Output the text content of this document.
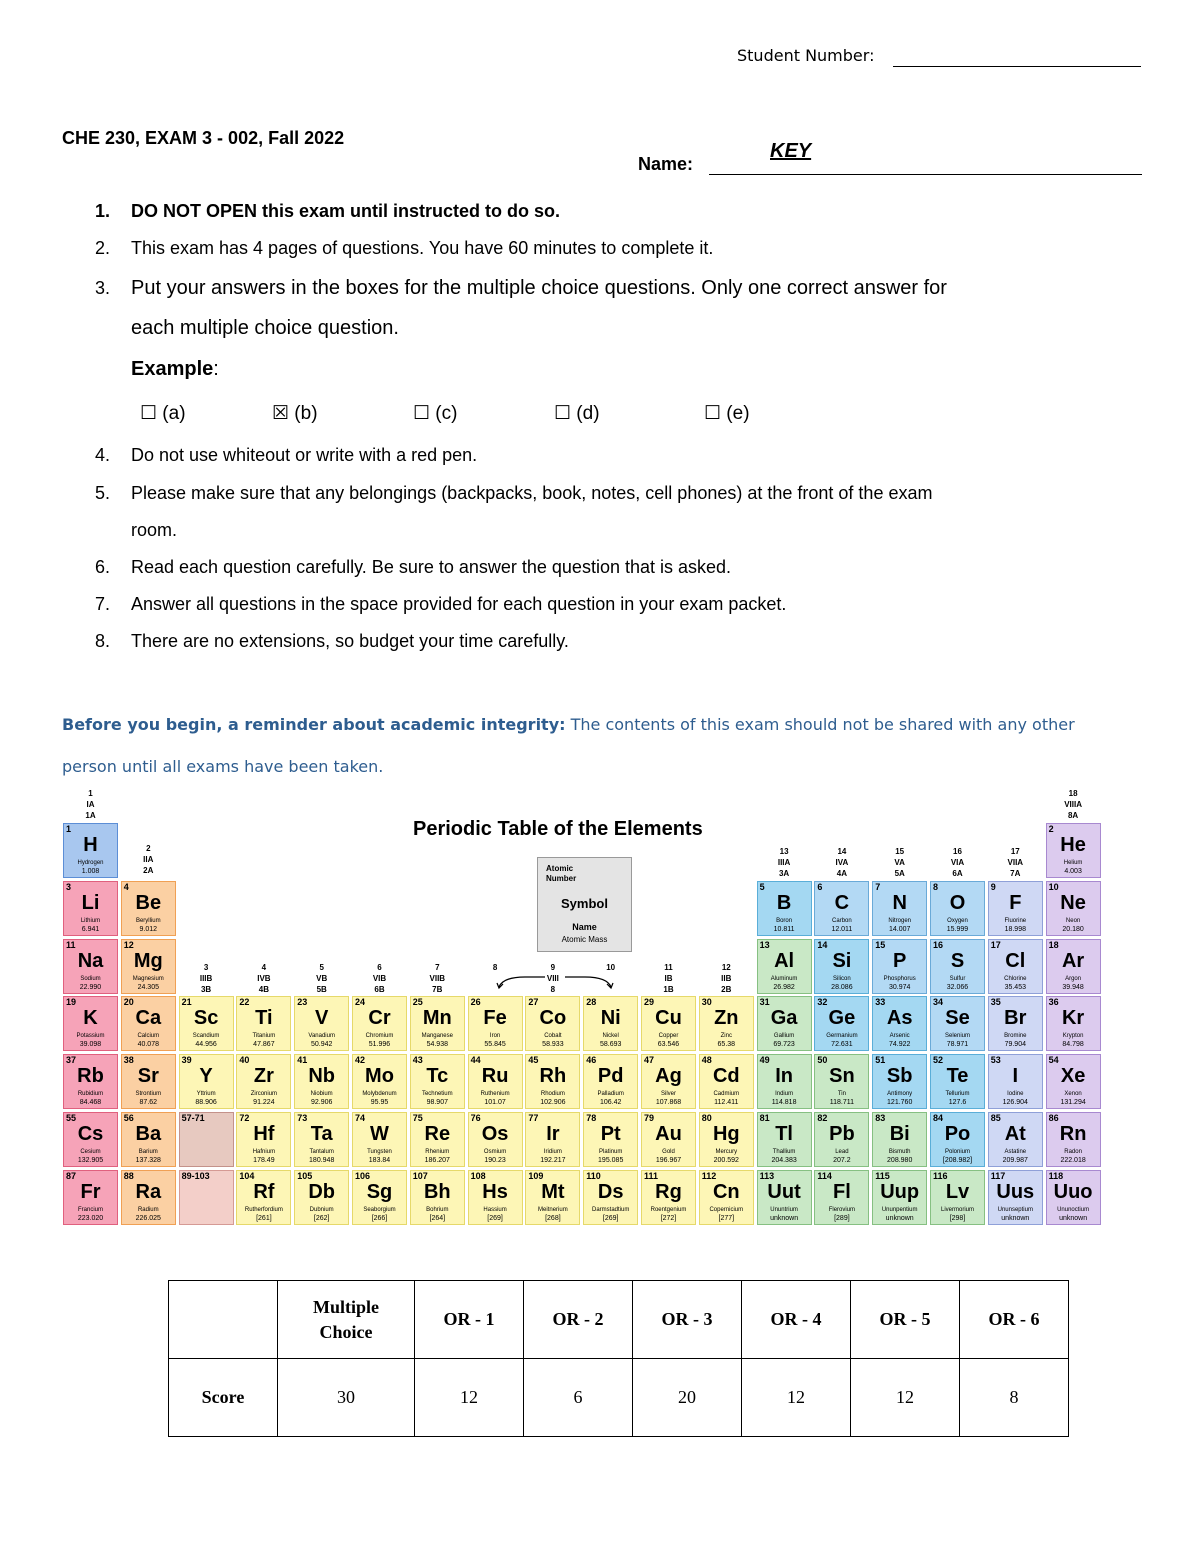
Student Number:
CHE 230, EXAM 3 - 002, Fall 2022
Name:
KEY
1. DO NOT OPEN this exam until instructed to do so.
2. This exam has 4 pages of questions. You have 60 minutes to complete it.
3. Put your answers in the boxes for the multiple choice questions. Only one correct answer for
each multiple choice question.
Example:
☐ (a)	☒ (b)	☐ (c)	☐ (d)	☐ (e)
4. Do not use whiteout or write with a red pen.
5. Please make sure that any belongings (backpacks, book, notes, cell phones) at the front of the exam
room.
6. Read each question carefully. Be sure to answer the question that is asked.
7. Answer all questions in the space provided for each question in your exam packet.
8. There are no extensions, so budget your time carefully.
Before you begin, a reminder about academic integrity: The contents of this exam should not be shared with any other person until all exams have been taken.
Periodic Table of the Elements
Atomic Number
Symbol
Name
Atomic Mass
1
IA
1A
2
IIA
2A
3
IIIB
3B
4
IVB
4B
5
VB
5B
6
VIB
6B
7
VIIB
7B
8	9
VIII
8
10	11
IB
1B
12
IIB
2B
13
IIIA
3A
14
IVA
4A
15
VA
5A
16
VIA
6A
17
VIIA
7A
18
VIIIA
8A
1
H
Hydrogen
1.008
2
He
Helium
4.003
3
Li
Lithium
6.941
4
Be
Beryllium
9.012
5
B
Boron
10.811
6
C
Carbon
12.011
7
N
Nitrogen
14.007
8
O
Oxygen
15.999
9
F
Fluorine
18.998
10
Ne
Neon
20.180
11
Na
Sodium
22.990
12
Mg
Magnesium
24.305
13
Al
Aluminum
26.982
14
Si
Silicon
28.086
15
P
Phosphorus
30.974
16
S
Sulfur
32.066
17
Cl
Chlorine
35.453
18
Ar
Argon
39.948
19
K
Potassium
39.098
20
Ca
Calcium
40.078
21
Sc
Scandium
44.956
22
Ti
Titanium
47.867
23
V
Vanadium
50.942
24
Cr
Chromium
51.996
25
Mn
Manganese
54.938
26
Fe
Iron
55.845
27
Co
Cobalt
58.933
28
Ni
Nickel
58.693
29
Cu
Copper
63.546
30
Zn
Zinc
65.38
31
Ga
Gallium
69.723
32
Ge
Germanium
72.631
33
As
Arsenic
74.922
34
Se
Selenium
78.971
35
Br
Bromine
79.904
36
Kr
Krypton
84.798
37
Rb
Rubidium
84.468
38
Sr
Strontium
87.62
39
Y
Yttrium
88.906
40
Zr
Zirconium
91.224
41
Nb
Niobium
92.906
42
Mo
Molybdenum
95.95
43
Tc
Technetium
98.907
44
Ru
Ruthenium
101.07
45
Rh
Rhodium
102.906
46
Pd
Palladium
106.42
47
Ag
Silver
107.868
48
Cd
Cadmium
112.411
49
In
Indium
114.818
50
Sn
Tin
118.711
51
Sb
Antimony
121.760
52
Te
Tellurium
127.6
53
I
Iodine
126.904
54
Xe
Xenon
131.294
55
Cs
Cesium
132.905
56
Ba
Barium
137.328
57-71	72
Hf
Hafnium
178.49
73
Ta
Tantalum
180.948
74
W
Tungsten
183.84
75
Re
Rhenium
186.207
76
Os
Osmium
190.23
77
Ir
Iridium
192.217
78
Pt
Platinum
195.085
79
Au
Gold
196.967
80
Hg
Mercury
200.592
81
Tl
Thallium
204.383
82
Pb
Lead
207.2
83
Bi
Bismuth
208.980
84
Po
Polonium
[208.982]
85
At
Astatine
209.987
86
Rn
Radon
222.018
87
Fr
Francium
223.020
88
Ra
Radium
226.025
89-103	104
Rf
Rutherfordium
[261]
105
Db
Dubnium
[262]
106
Sg
Seaborgium
[266]
107
Bh
Bohrium
[264]
108
Hs
Hassium
[269]
109
Mt
Meitnerium
[268]
110
Ds
Darmstadtium
[269]
111
Rg
Roentgenium
[272]
112
Cn
Copernicium
[277]
113
Uut
Ununtrium
unknown
114
Fl
Flerovium
[289]
115
Uup
Ununpentium
unknown
116
Lv
Livermorium
[298]
117
Uus
Ununseptium
unknown
118
Uuo
Ununoctium
unknown
	Multiple Choice	OR - 1	OR - 2	OR - 3	OR - 4	OR - 5	OR - 6
Score	30	12	6	20	12	12	8
